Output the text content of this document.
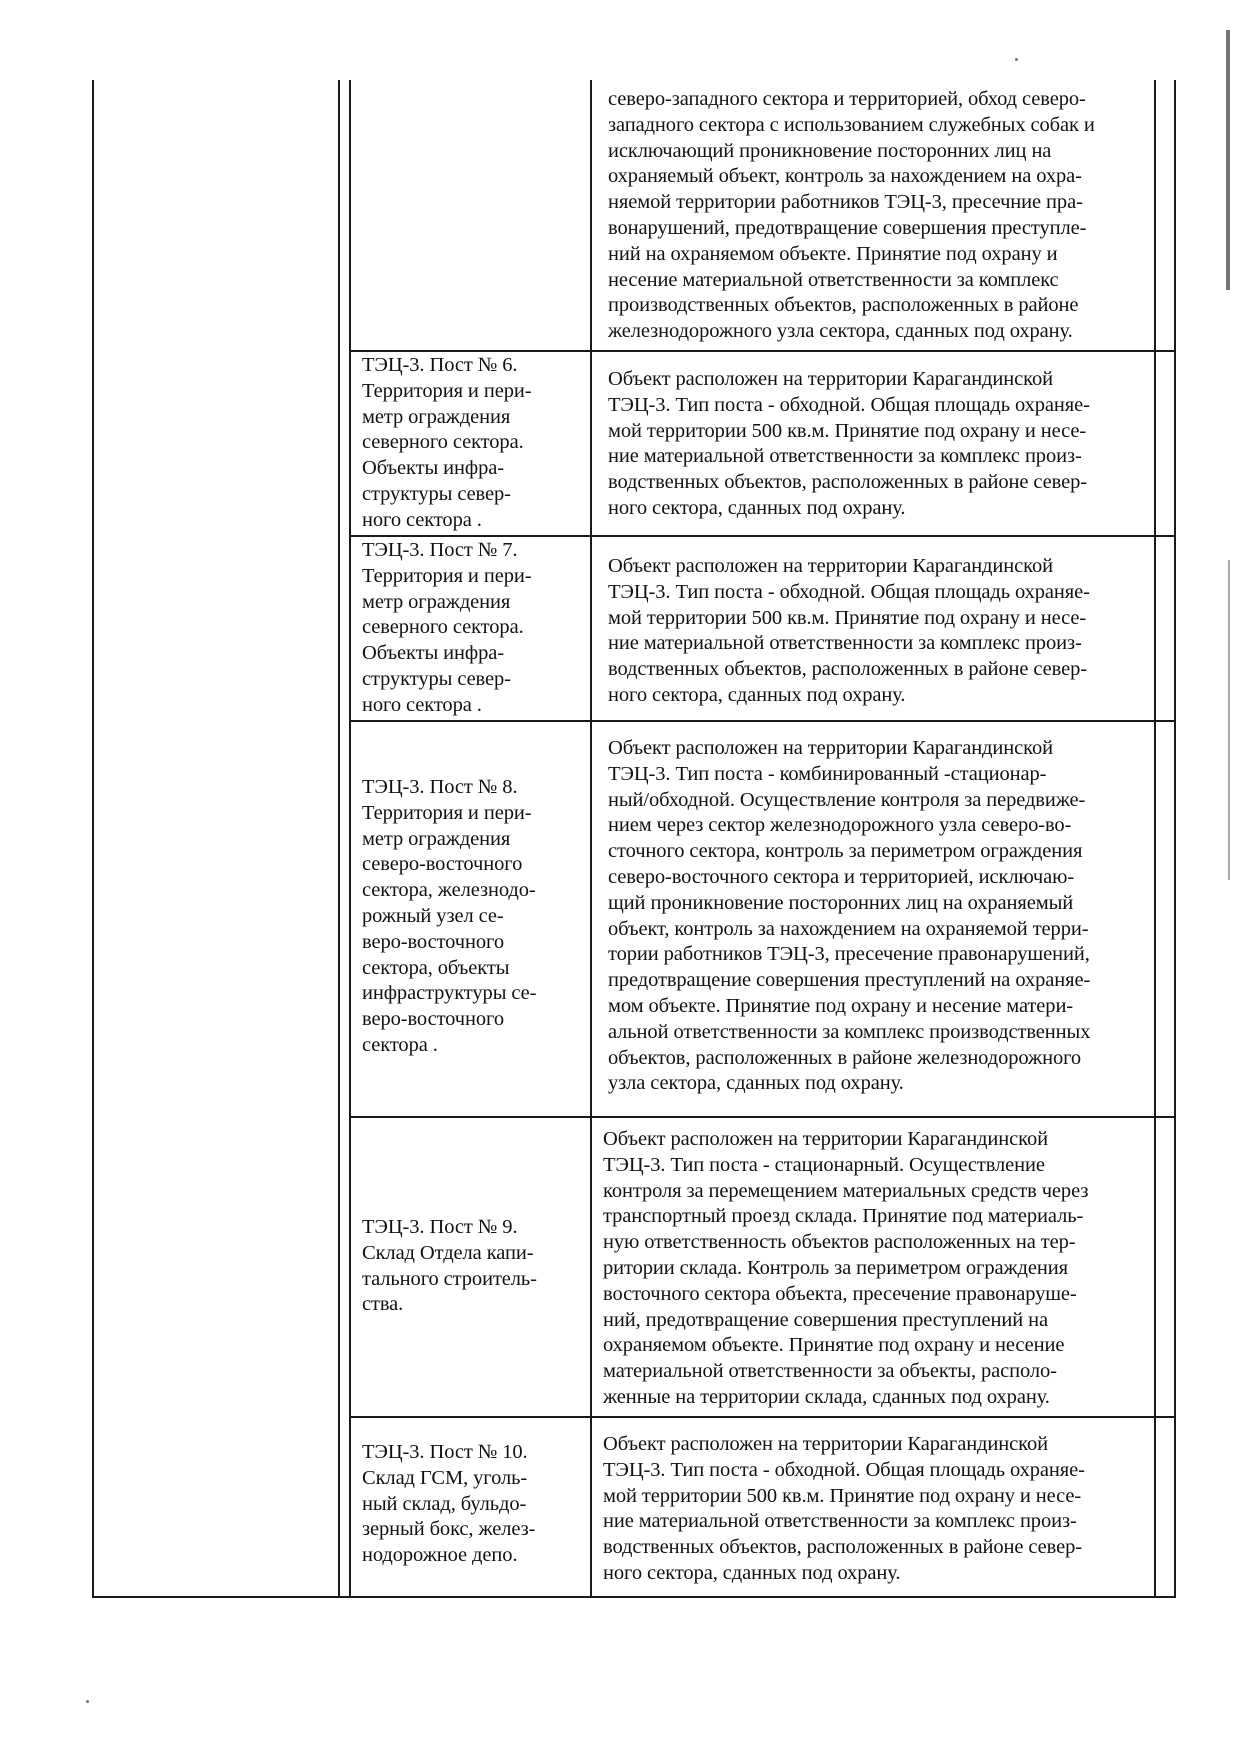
северо-западного сектора и территорией, обход северо-
западного сектора с использованием служебных собак и
исключающий проникновение посторонних лиц на
охраняемый объект, контроль за нахождением на охра-
няемой территории работников ТЭЦ-3, пресечние пра-
вонарушений, предотвращение совершения преступле-
ний на охраняемом объекте. Принятие под охрану и
несение материальной ответственности за комплекс
производственных объектов, расположенных в районе
железнодорожного узла сектора, сданных под охрану.

ТЭЦ-3. Пост № 6.
Территория и пери-
метр ограждения
северного сектора.
Объекты инфра-
структуры север-
ного сектора .

Объект расположен на территории Карагандинской
ТЭЦ-3. Тип поста - обходной. Общая площадь охраняе-
мой территории 500 кв.м. Принятие под охрану и несе-
ние материальной ответственности за комплекс произ-
водственных объектов, расположенных в районе север-
ного сектора, сданных под охрану.

ТЭЦ-3. Пост № 7.
Территория и пери-
метр ограждения
северного сектора.
Объекты инфра-
структуры север-
ного сектора .

Объект расположен на территории Карагандинской
ТЭЦ-3. Тип поста - обходной. Общая площадь охраняе-
мой территории 500 кв.м. Принятие под охрану и несе-
ние материальной ответственности за комплекс произ-
водственных объектов, расположенных в районе север-
ного сектора, сданных под охрану.

ТЭЦ-3. Пост № 8.
Территория и пери-
метр ограждения
северо-восточного
сектора, железнодо-
рожный узел се-
веро-восточного
сектора, объекты
инфраструктуры се-
веро-восточного
сектора .

Объект расположен на территории Карагандинской
ТЭЦ-3. Тип поста - комбинированный -стационар-
ный/обходной. Осуществление контроля за передвиже-
нием через сектор железнодорожного узла северо-во-
сточного сектора, контроль за периметром ограждения
северо-восточного сектора и территорией, исключаю-
щий проникновение посторонних лиц на охраняемый
объект, контроль за нахождением на охраняемой терри-
тории работников ТЭЦ-3, пресечение правонарушений,
предотвращение совершения преступлений на охраняе-
мом объекте. Принятие под охрану и несение матери-
альной ответственности за комплекс производственных
объектов, расположенных в районе железнодорожного
узла сектора, сданных под охрану.

ТЭЦ-3. Пост № 9.
Склад Отдела капи-
тального строитель-
ства.

Объект расположен на территории Карагандинской
ТЭЦ-3. Тип поста - стационарный. Осуществление
контроля за перемещением материальных средств через
транспортный проезд склада. Принятие под материаль-
ную ответственность объектов расположенных на тер-
ритории склада. Контроль за периметром ограждения
восточного сектора объекта, пресечение правонаруше-
ний, предотвращение совершения преступлений на
охраняемом объекте. Принятие под охрану и несение
материальной ответственности за объекты, располо-
женные на территории склада, сданных под охрану.

ТЭЦ-3. Пост № 10.
Склад ГСМ, уголь-
ный склад, бульдо-
зерный бокс, желез-
нодорожное депо.

Объект расположен на территории Карагандинской
ТЭЦ-3. Тип поста - обходной. Общая площадь охраняе-
мой территории 500 кв.м. Принятие под охрану и несе-
ние материальной ответственности за комплекс произ-
водственных объектов, расположенных в районе север-
ного сектора, сданных под охрану.
